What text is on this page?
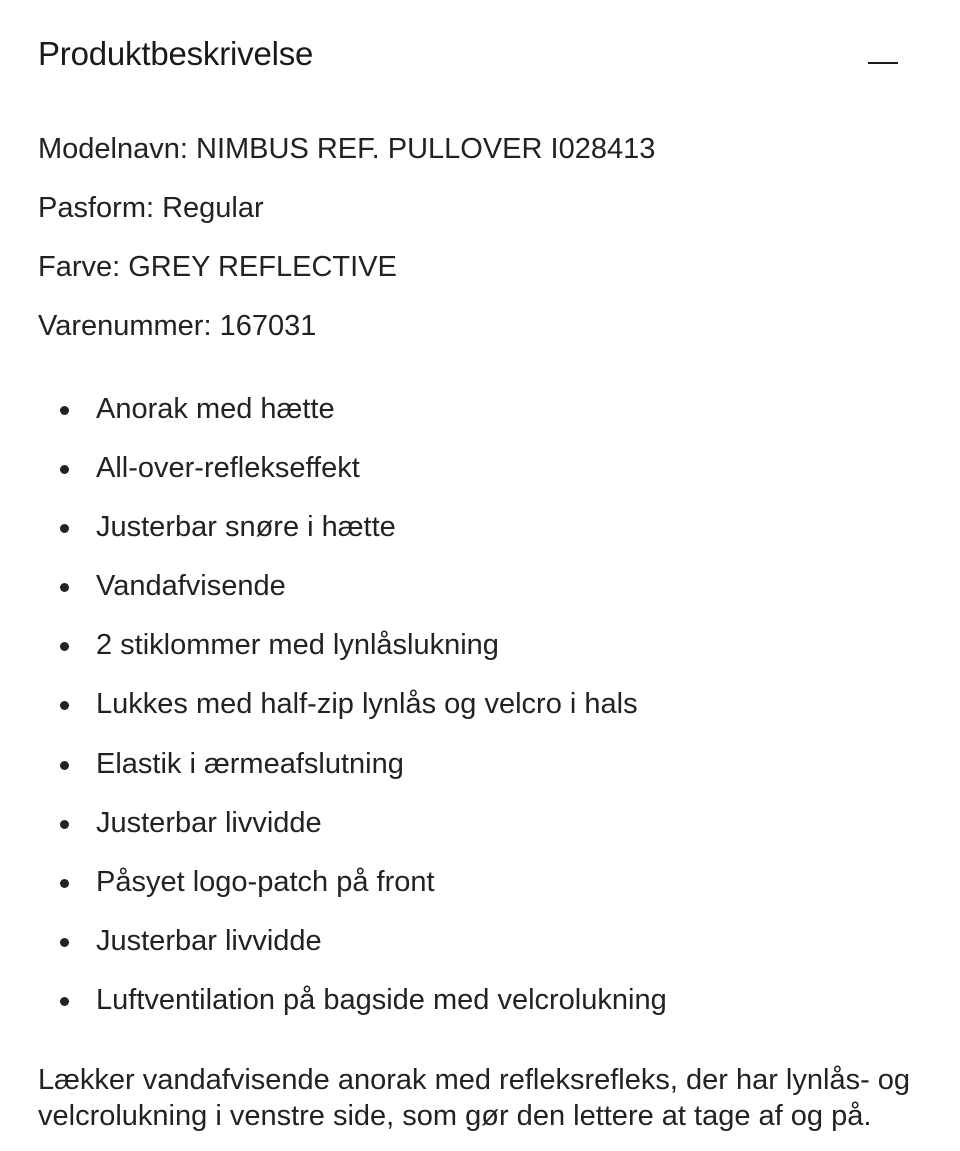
Produktbeskrivelse
Modelnavn: NIMBUS REF. PULLOVER I028413
Pasform: Regular
Farve: GREY REFLECTIVE
Varenummer: 167031
Anorak med hætte
All-over-reflekseffekt
Justerbar snøre i hætte
Vandafvisende
2 stiklommer med lynlåslukning
Lukkes med half-zip lynlås og velcro i hals
Elastik i ærmeafslutning
Justerbar livvidde
Påsyet logo-patch på front
Justerbar livvidde
Luftventilation på bagside med velcrolukning

Lækker vandafvisende anorak med refleksrefleks, der har lynlås- og velcrolukning i venstre side, som gør den lettere at tage af og på.
